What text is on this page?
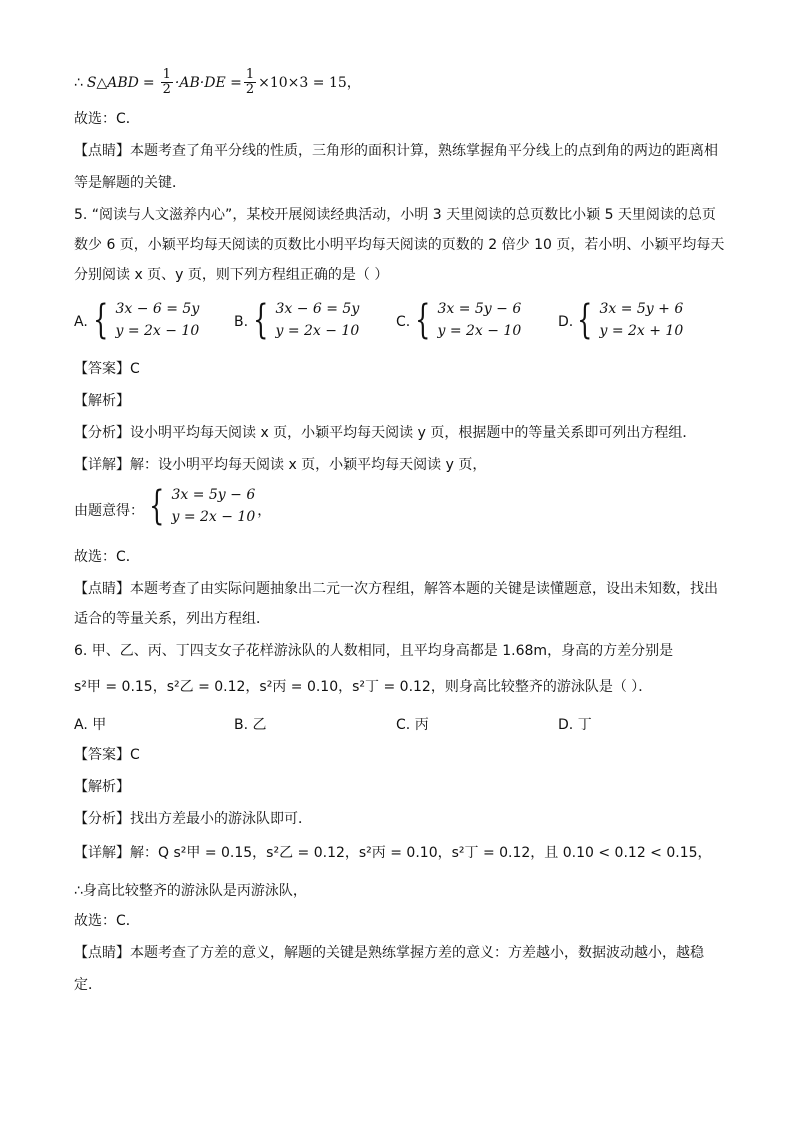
∴ S△ABD = $\frac{1}{2} \cdot AB\cdot DE = \frac{1}{2} \times 10\times 3 = 15$，
故选：C．
【点睛】本题考查了角平分线的性质，三角形的面积计算，熟练掌握角平分线上的点到角的两边的距离相
等是解题的关键．
5. “阅读与人文滋养内心”，某校开展阅读经典活动，小明 3 天里阅读的总页数比小颖 5 天里阅读的总页
数少 6 页，小颖平均每天阅读的页数比小明平均每天阅读的页数的 2 倍少 10 页，若小明、小颖平均每天
分别阅读 x 页、y 页，则下列方程组正确的是（ ）
A. { 3x − 6 = 5y
y = 2x − 10
B. { 3x − 6 = 5y
y = 2x − 10
C. { 3x = 5y − 6
y = 2x − 10
D. { 3x = 5y + 6
y = 2x + 10
【答案】C
【解析】
【分析】设小明平均每天阅读 x 页，小颖平均每天阅读 y 页，根据题中的等量关系即可列出方程组．
【详解】解：设小明平均每天阅读 x 页，小颖平均每天阅读 y 页，
由题意得： { 3x = 5y − 6
y = 2x − 10 ，
故选：C．
【点睛】本题考查了由实际问题抽象出二元一次方程组，解答本题的关键是读懂题意，设出未知数，找出
适合的等量关系，列出方程组．
6. 甲、乙、丙、丁四支女子花样游泳队的人数相同，且平均身高都是 1.68m，身高的方差分别是
s²甲 = 0.15，s²乙 = 0.12，s²丙 = 0.10，s²丁 = 0.12，则身高比较整齐的游泳队是（ ）．
A. 甲	B. 乙	C. 丙	D. 丁
【答案】C
【解析】
【分析】找出方差最小的游泳队即可．
【详解】解：Q s²甲 = 0.15，s²乙 = 0.12，s²丙 = 0.10，s²丁 = 0.12，且 0.10 < 0.12 < 0.15，
∴身高比较整齐的游泳队是丙游泳队，
故选：C．
【点睛】本题考查了方差的意义，解题的关键是熟练掌握方差的意义：方差越小，数据波动越小，越稳
定．
